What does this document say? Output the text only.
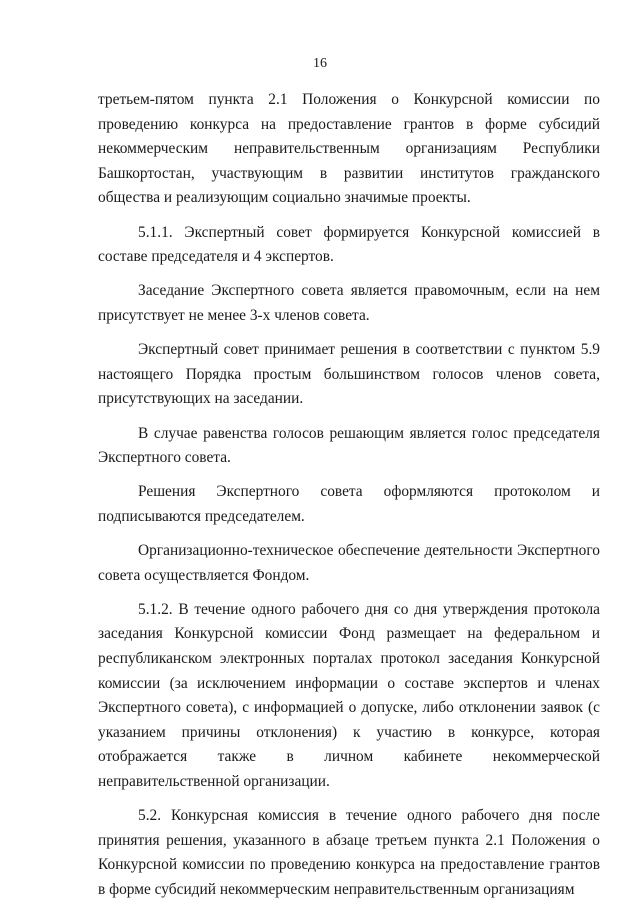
16

третьем-пятом пункта 2.1 Положения о Конкурсной комиссии по проведению конкурса на предоставление грантов в форме субсидий некоммерческим неправительственным организациям Республики Башкортостан, участвующим в развитии институтов гражданского общества и реализующим социально значимые проекты.

5.1.1. Экспертный совет формируется Конкурсной комиссией в составе председателя и 4 экспертов.

Заседание Экспертного совета является правомочным, если на нем присутствует не менее 3-х членов совета.

Экспертный совет принимает решения в соответствии с пунктом 5.9 настоящего Порядка простым большинством голосов членов совета, присутствующих на заседании.

В случае равенства голосов решающим является голос председателя Экспертного совета.

Решения Экспертного совета оформляются протоколом и подписываются председателем.

Организационно-техническое обеспечение деятельности Экспертного совета осуществляется Фондом.

5.1.2. В течение одного рабочего дня со дня утверждения протокола заседания Конкурсной комиссии Фонд размещает на федеральном и республиканском электронных порталах протокол заседания Конкурсной комиссии (за исключением информации о составе экспертов и членах Экспертного совета), с информацией о допуске, либо отклонении заявок (с указанием причины отклонения) к участию в конкурсе, которая отображается также в личном кабинете некоммерческой неправительственной организации.

5.2. Конкурсная комиссия в течение одного рабочего дня после принятия решения, указанного в абзаце третьем пункта 2.1 Положения о Конкурсной комиссии по проведению конкурса на предоставление грантов в форме субсидий некоммерческим неправительственным организациям
